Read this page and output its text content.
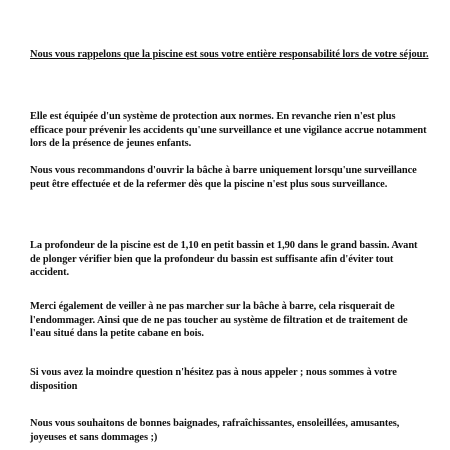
Nous vous rappelons que la piscine est sous votre entière responsabilité lors de votre séjour.

Elle est équipée d'un système de protection aux normes. En revanche rien n'est plus efficace pour prévenir les accidents qu'une surveillance et une vigilance accrue notamment lors de la présence de jeunes enfants.

Nous vous recommandons d'ouvrir la bâche à barre uniquement lorsqu'une surveillance peut être effectuée et de la refermer dès que la piscine n'est plus sous surveillance.

La profondeur de la piscine est de 1,10 en petit bassin et 1,90 dans le grand bassin. Avant de plonger vérifier bien que la profondeur du bassin est suffisante afin d'éviter tout accident.

Merci également de veiller à ne pas marcher sur la bâche à barre, cela risquerait de l'endommager. Ainsi que de ne pas toucher au système de filtration et de traitement de l'eau situé dans la petite cabane en bois.

Si vous avez la moindre question n'hésitez pas à nous appeler ; nous sommes à votre disposition

Nous vous souhaitons de bonnes baignades, rafraîchissantes, ensoleillées, amusantes, joyeuses et sans dommages ;)
